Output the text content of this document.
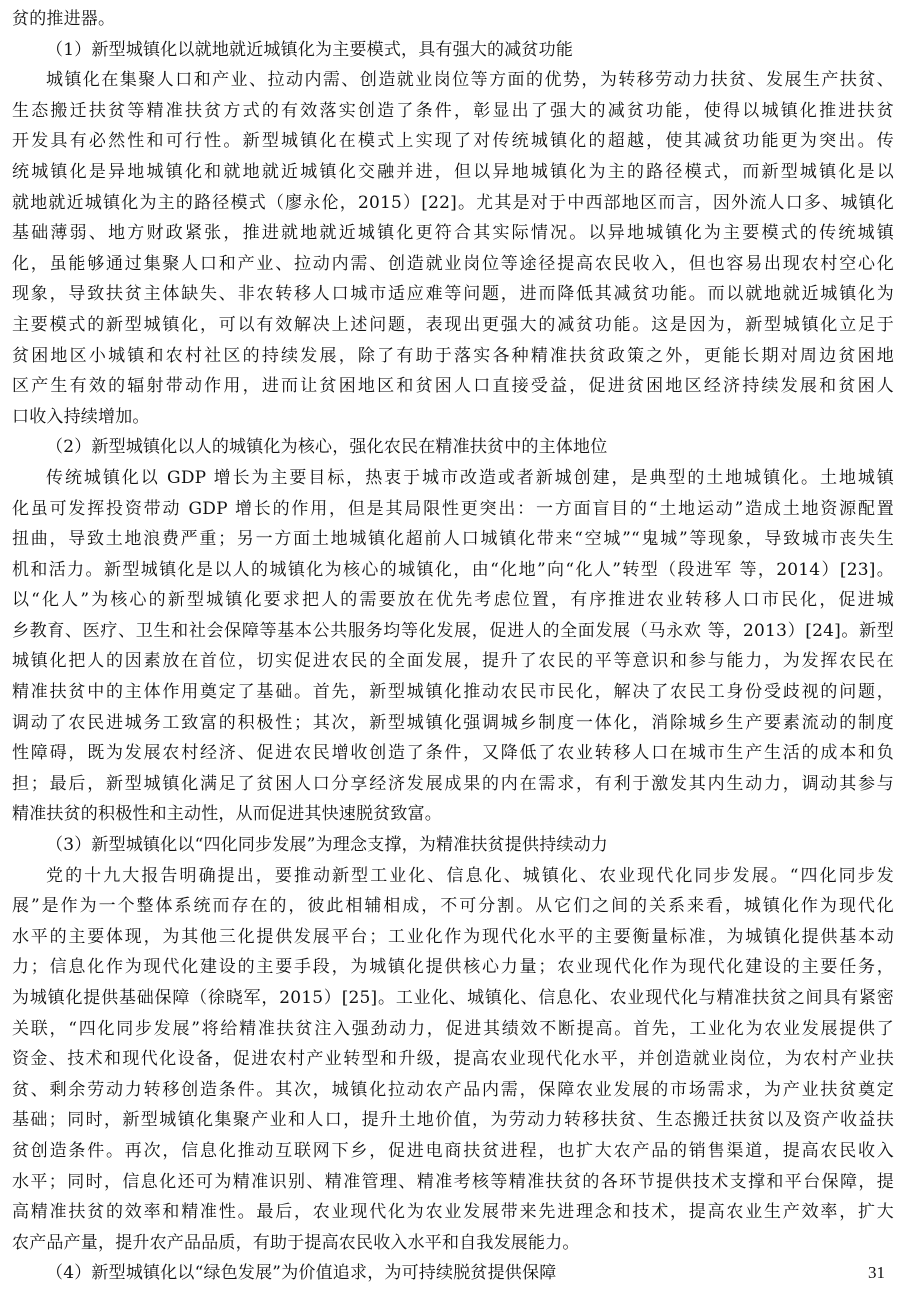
贫的推进器。
（1）新型城镇化以就地就近城镇化为主要模式，具有强大的减贫功能
城镇化在集聚人口和产业、拉动内需、创造就业岗位等方面的优势，为转移劳动力扶贫、发展生产扶贫、
生态搬迁扶贫等精准扶贫方式的有效落实创造了条件，彰显出了强大的减贫功能，使得以城镇化推进扶贫
开发具有必然性和可行性。新型城镇化在模式上实现了对传统城镇化的超越，使其减贫功能更为突出。传
统城镇化是异地城镇化和就地就近城镇化交融并进，但以异地城镇化为主的路径模式，而新型城镇化是以
就地就近城镇化为主的路径模式（廖永伦，2015）[22]。尤其是对于中西部地区而言，因外流人口多、城镇化
基础薄弱、地方财政紧张，推进就地就近城镇化更符合其实际情况。以异地城镇化为主要模式的传统城镇
化，虽能够通过集聚人口和产业、拉动内需、创造就业岗位等途径提高农民收入，但也容易出现农村空心化
现象，导致扶贫主体缺失、非农转移人口城市适应难等问题，进而降低其减贫功能。而以就地就近城镇化为
主要模式的新型城镇化，可以有效解决上述问题，表现出更强大的减贫功能。这是因为，新型城镇化立足于
贫困地区小城镇和农村社区的持续发展，除了有助于落实各种精准扶贫政策之外，更能长期对周边贫困地
区产生有效的辐射带动作用，进而让贫困地区和贫困人口直接受益，促进贫困地区经济持续发展和贫困人
口收入持续增加。
（2）新型城镇化以人的城镇化为核心，强化农民在精准扶贫中的主体地位
传统城镇化以 GDP 增长为主要目标，热衷于城市改造或者新城创建，是典型的土地城镇化。土地城镇
化虽可发挥投资带动 GDP 增长的作用，但是其局限性更突出：一方面盲目的“土地运动”造成土地资源配置
扭曲，导致土地浪费严重；另一方面土地城镇化超前人口城镇化带来“空城”“鬼城”等现象，导致城市丧失生
机和活力。新型城镇化是以人的城镇化为核心的城镇化，由“化地”向“化人”转型（段进军 等，2014）[23]。
以“化人”为核心的新型城镇化要求把人的需要放在优先考虑位置，有序推进农业转移人口市民化，促进城
乡教育、医疗、卫生和社会保障等基本公共服务均等化发展，促进人的全面发展（马永欢 等，2013）[24]。新型
城镇化把人的因素放在首位，切实促进农民的全面发展，提升了农民的平等意识和参与能力，为发挥农民在
精准扶贫中的主体作用奠定了基础。首先，新型城镇化推动农民市民化，解决了农民工身份受歧视的问题，
调动了农民进城务工致富的积极性；其次，新型城镇化强调城乡制度一体化，消除城乡生产要素流动的制度
性障碍，既为发展农村经济、促进农民增收创造了条件，又降低了农业转移人口在城市生产生活的成本和负
担；最后，新型城镇化满足了贫困人口分享经济发展成果的内在需求，有利于激发其内生动力，调动其参与
精准扶贫的积极性和主动性，从而促进其快速脱贫致富。
（3）新型城镇化以“四化同步发展”为理念支撑，为精准扶贫提供持续动力
党的十九大报告明确提出，要推动新型工业化、信息化、城镇化、农业现代化同步发展。“四化同步发
展”是作为一个整体系统而存在的，彼此相辅相成，不可分割。从它们之间的关系来看，城镇化作为现代化
水平的主要体现，为其他三化提供发展平台；工业化作为现代化水平的主要衡量标准，为城镇化提供基本动
力；信息化作为现代化建设的主要手段，为城镇化提供核心力量；农业现代化作为现代化建设的主要任务，
为城镇化提供基础保障（徐晓军，2015）[25]。工业化、城镇化、信息化、农业现代化与精准扶贫之间具有紧密
关联，“四化同步发展”将给精准扶贫注入强劲动力，促进其绩效不断提高。首先，工业化为农业发展提供了
资金、技术和现代化设备，促进农村产业转型和升级，提高农业现代化水平，并创造就业岗位，为农村产业扶
贫、剩余劳动力转移创造条件。其次，城镇化拉动农产品内需，保障农业发展的市场需求，为产业扶贫奠定
基础；同时，新型城镇化集聚产业和人口，提升土地价值，为劳动力转移扶贫、生态搬迁扶贫以及资产收益扶
贫创造条件。再次，信息化推动互联网下乡，促进电商扶贫进程，也扩大农产品的销售渠道，提高农民收入
水平；同时，信息化还可为精准识别、精准管理、精准考核等精准扶贫的各环节提供技术支撑和平台保障，提
高精准扶贫的效率和精准性。最后，农业现代化为农业发展带来先进理念和技术，提高农业生产效率，扩大
农产品产量，提升农产品品质，有助于提高农民收入水平和自我发展能力。
（4）新型城镇化以“绿色发展”为价值追求，为可持续脱贫提供保障	31
